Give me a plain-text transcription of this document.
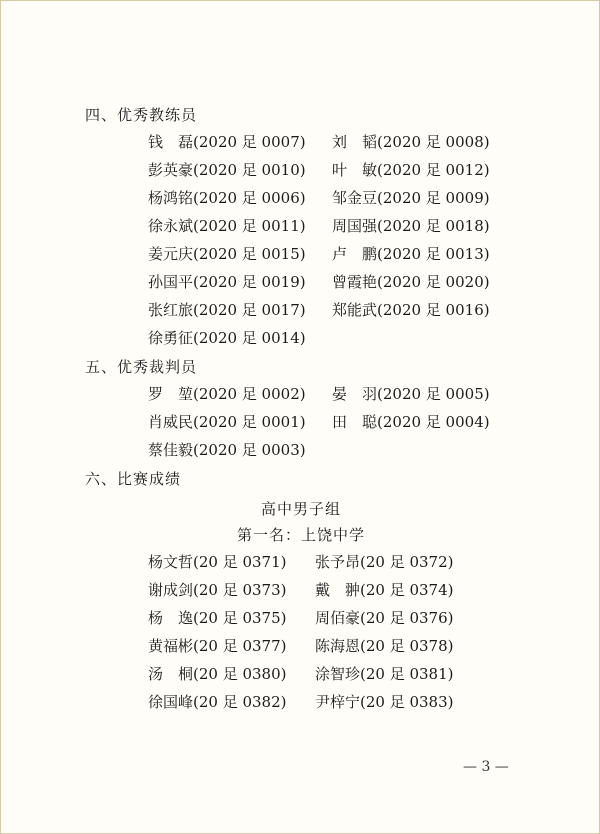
四、优秀教练员
钱　磊(2020 足 0007) 刘　韬(2020 足 0008)
彭英豪(2020 足 0010) 叶　敏(2020 足 0012)
杨鸿铭(2020 足 0006) 邹金豆(2020 足 0009)
徐永斌(2020 足 0011) 周国强(2020 足 0018)
姜元庆(2020 足 0015) 卢　鹏(2020 足 0013)
孙国平(2020 足 0019) 曾霞艳(2020 足 0020)
张红旅(2020 足 0017) 郑能武(2020 足 0016)
徐勇征(2020 足 0014)
五、优秀裁判员
罗　堃(2020 足 0002) 晏　羽(2020 足 0005)
肖威民(2020 足 0001) 田　聪(2020 足 0004)
蔡佳毅(2020 足 0003)
六、比赛成绩
高中男子组
第一名：上饶中学
杨文哲(20 足 0371) 张予昂(20 足 0372)
谢成剑(20 足 0373) 戴　翀(20 足 0374)
杨　逸(20 足 0375) 周佰豪(20 足 0376)
黄福彬(20 足 0377) 陈海恩(20 足 0378)
汤　桐(20 足 0380) 涂智珍(20 足 0381)
徐国峰(20 足 0382) 尹梓宁(20 足 0383)
— 3 —
